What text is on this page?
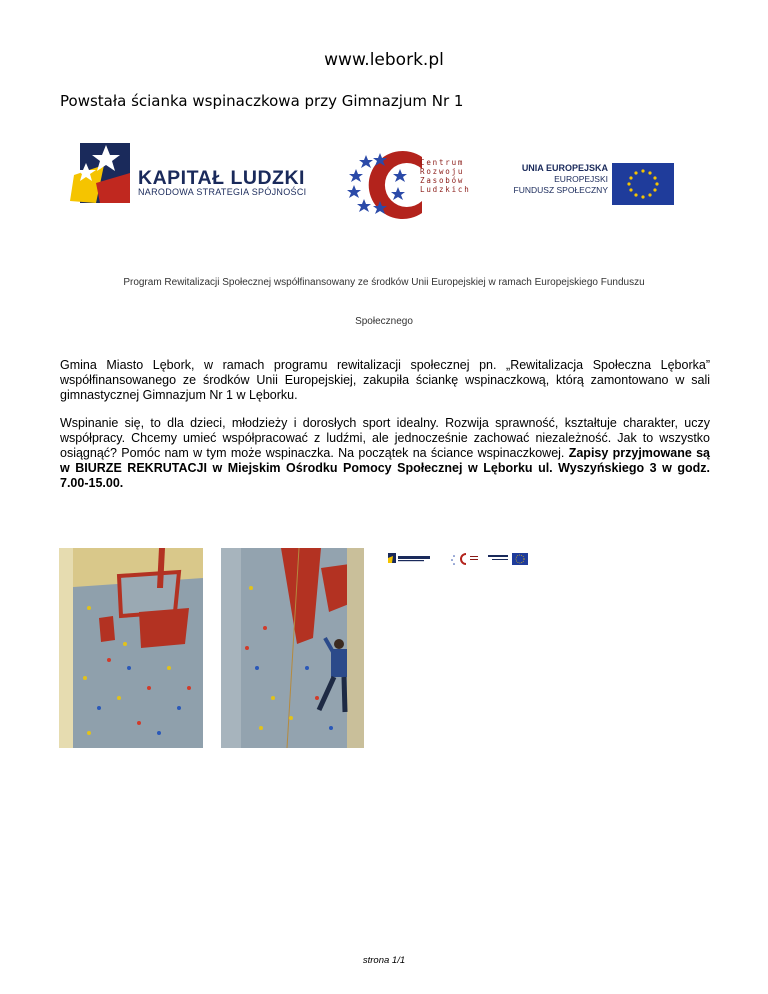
www.lebork.pl
Powstała ścianka wspinaczkowa przy Gimnazjum Nr 1
KAPITAŁ LUDZKI
NARODOWA STRATEGIA SPÓJNOŚCI
Centrum
Rozwoju
Zasobów
Ludzkich
UNIA EUROPEJSKA
EUROPEJSKI
FUNDUSZ SPOŁECZNY
Program Rewitalizacji Społecznej współfinansowany ze środków Unii Europejskiej w ramach Europejskiego Funduszu
Społecznego

Gmina Miasto Lębork, w ramach programu rewitalizacji społecznej pn. „Rewitalizacja Społeczna Lęborka” współfinansowanego ze środków Unii Europejskiej, zakupiła ściankę wspinaczkową, którą zamontowano w sali gimnastycznej Gimnazjum Nr 1 w Lęborku.

Wspinanie się, to dla dzieci, młodzieży i dorosłych sport idealny. Rozwija sprawność, kształtuje charakter, uczy współpracy. Chcemy umieć współpracować z ludźmi, ale jednocześnie zachować niezależność. Jak to wszystko osiągnąć? Pomóc nam w tym może wspinaczka. Na początek na ściance wspinaczkowej. Zapisy przyjmowane są w BIURZE REKRUTACJI w Miejskim Ośrodku Pomocy Społecznej w Lęborku ul. Wyszyńskiego 3 w godz. 7.00-15.00.

strona 1/1
